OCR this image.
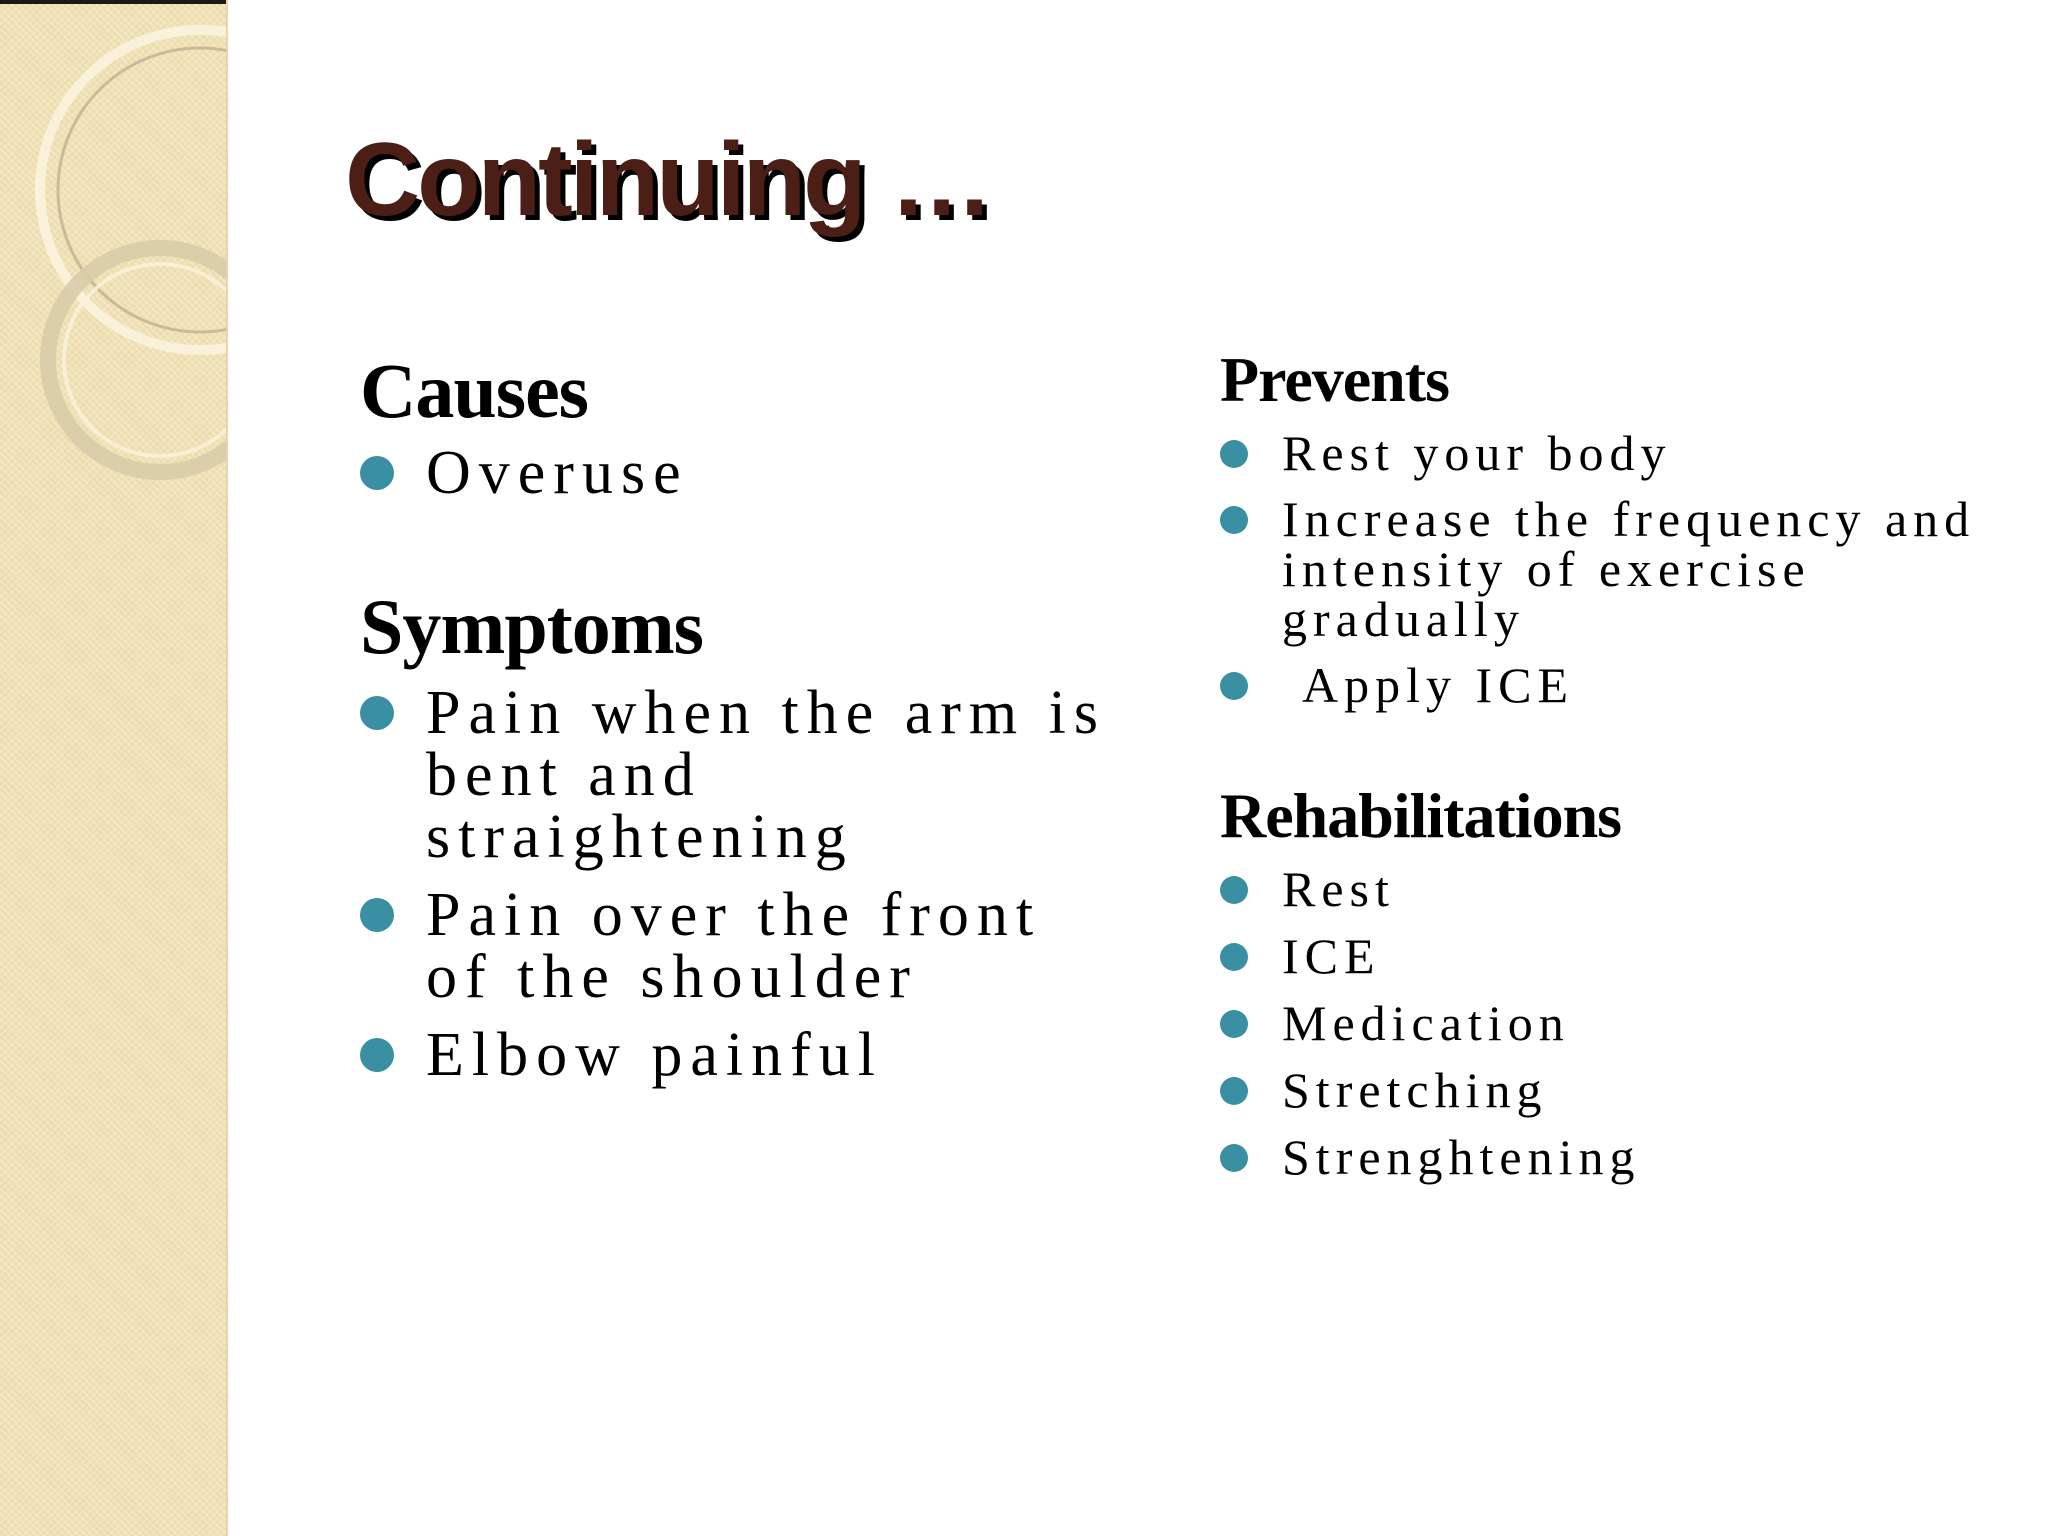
Continuing …
Causes
Overuse
Symptoms
Pain when the arm is bent and straightening
Pain over the front of the shoulder
Elbow painful
Prevents
Rest your body
Increase the frequency and intensity of exercise gradually
Apply ICE
Rehabilitations
Rest
ICE
Medication
Stretching
Strenghtening
